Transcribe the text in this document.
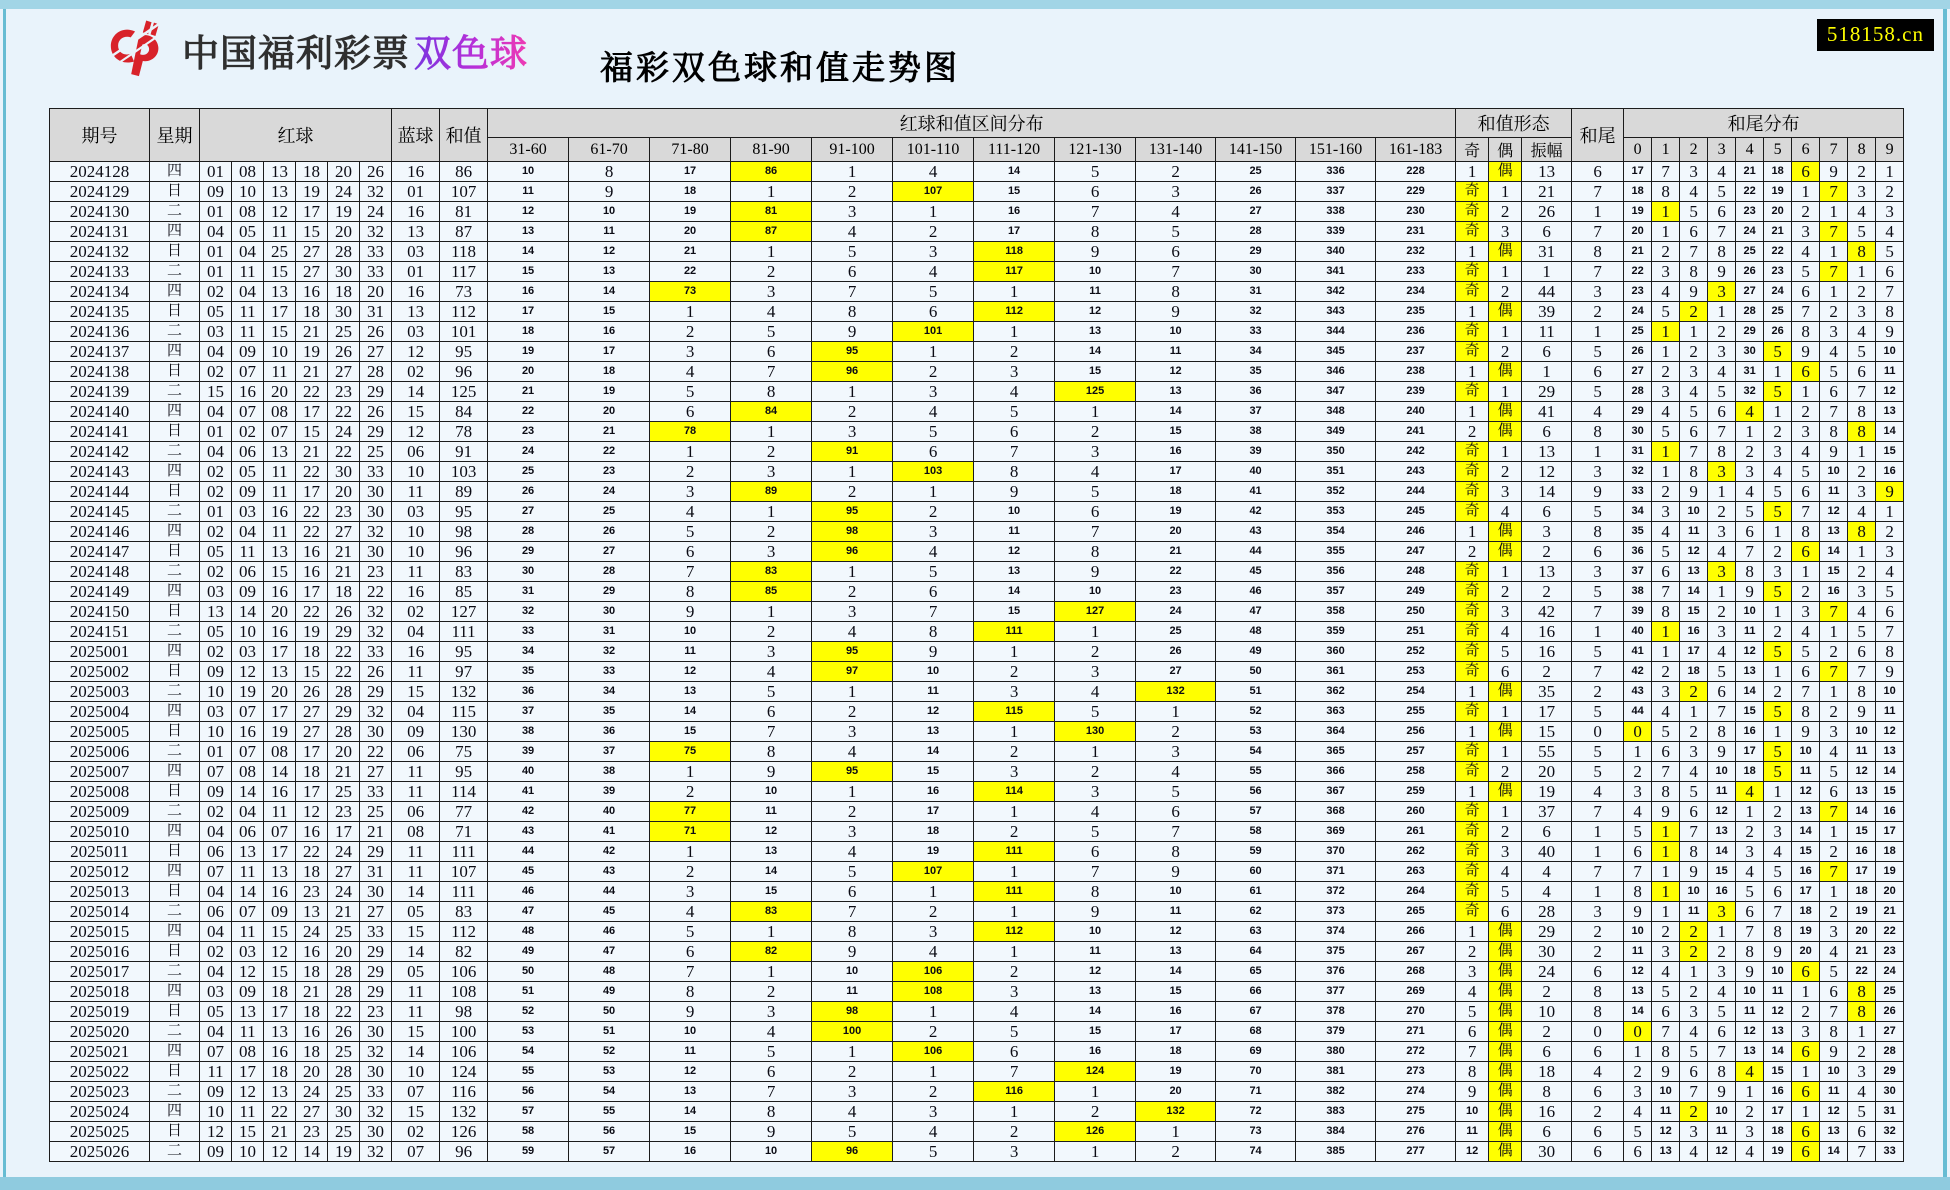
中国福利彩票 双色球	福彩双色球和值走势图
518158.cn
期号	星期	红球						蓝球	和值	红球和值区间分布												和值形态			和尾	和尾分布									
										31-60	61-70	71-80	81-90	91-100	101-110	111-120	121-130	131-140	141-150	151-160	161-183	奇	偶	振幅		0	1	2	3	4	5	6	7	8	9
2024128	四	01	08	13	18	20	26	16	86	10	8	17	86	1	4	14	5	2	25	336	228	1	偶	13	6	17	7	3	4	21	18	6	9	2	1
2024129	日	09	10	13	19	24	32	01	107	11	9	18	1	2	107	15	6	3	26	337	229	奇	1	21	7	18	8	4	5	22	19	1	7	3	2
2024130	二	01	08	12	17	19	24	16	81	12	10	19	81	3	1	16	7	4	27	338	230	奇	2	26	1	19	1	5	6	23	20	2	1	4	3
2024131	四	04	05	11	15	20	32	13	87	13	11	20	87	4	2	17	8	5	28	339	231	奇	3	6	7	20	1	6	7	24	21	3	7	5	4
2024132	日	01	04	25	27	28	33	03	118	14	12	21	1	5	3	118	9	6	29	340	232	1	偶	31	8	21	2	7	8	25	22	4	1	8	5
2024133	二	01	11	15	27	30	33	01	117	15	13	22	2	6	4	117	10	7	30	341	233	奇	1	1	7	22	3	8	9	26	23	5	7	1	6
2024134	四	02	04	13	16	18	20	16	73	16	14	73	3	7	5	1	11	8	31	342	234	奇	2	44	3	23	4	9	3	27	24	6	1	2	7
2024135	日	05	11	17	18	30	31	13	112	17	15	1	4	8	6	112	12	9	32	343	235	1	偶	39	2	24	5	2	1	28	25	7	2	3	8
2024136	二	03	11	15	21	25	26	03	101	18	16	2	5	9	101	1	13	10	33	344	236	奇	1	11	1	25	1	1	2	29	26	8	3	4	9
2024137	四	04	09	10	19	26	27	12	95	19	17	3	6	95	1	2	14	11	34	345	237	奇	2	6	5	26	1	2	3	30	5	9	4	5	10
2024138	日	02	07	11	21	27	28	02	96	20	18	4	7	96	2	3	15	12	35	346	238	1	偶	1	6	27	2	3	4	31	1	6	5	6	11
2024139	二	15	16	20	22	23	29	14	125	21	19	5	8	1	3	4	125	13	36	347	239	奇	1	29	5	28	3	4	5	32	5	1	6	7	12
2024140	四	04	07	08	17	22	26	15	84	22	20	6	84	2	4	5	1	14	37	348	240	1	偶	41	4	29	4	5	6	4	1	2	7	8	13
2024141	日	01	02	07	15	24	29	12	78	23	21	78	1	3	5	6	2	15	38	349	241	2	偶	6	8	30	5	6	7	1	2	3	8	8	14
2024142	二	04	06	13	21	22	25	06	91	24	22	1	2	91	6	7	3	16	39	350	242	奇	1	13	1	31	1	7	8	2	3	4	9	1	15
2024143	四	02	05	11	22	30	33	10	103	25	23	2	3	1	103	8	4	17	40	351	243	奇	2	12	3	32	1	8	3	3	4	5	10	2	16
2024144	日	02	09	11	17	20	30	11	89	26	24	3	89	2	1	9	5	18	41	352	244	奇	3	14	9	33	2	9	1	4	5	6	11	3	9
2024145	二	01	03	16	22	23	30	03	95	27	25	4	1	95	2	10	6	19	42	353	245	奇	4	6	5	34	3	10	2	5	5	7	12	4	1
2024146	四	02	04	11	22	27	32	10	98	28	26	5	2	98	3	11	7	20	43	354	246	1	偶	3	8	35	4	11	3	6	1	8	13	8	2
2024147	日	05	11	13	16	21	30	10	96	29	27	6	3	96	4	12	8	21	44	355	247	2	偶	2	6	36	5	12	4	7	2	6	14	1	3
2024148	二	02	06	15	16	21	23	11	83	30	28	7	83	1	5	13	9	22	45	356	248	奇	1	13	3	37	6	13	3	8	3	1	15	2	4
2024149	四	03	09	16	17	18	22	16	85	31	29	8	85	2	6	14	10	23	46	357	249	奇	2	2	5	38	7	14	1	9	5	2	16	3	5
2024150	日	13	14	20	22	26	32	02	127	32	30	9	1	3	7	15	127	24	47	358	250	奇	3	42	7	39	8	15	2	10	1	3	7	4	6
2024151	二	05	10	16	19	29	32	04	111	33	31	10	2	4	8	111	1	25	48	359	251	奇	4	16	1	40	1	16	3	11	2	4	1	5	7
2025001	四	02	03	17	18	22	33	16	95	34	32	11	3	95	9	1	2	26	49	360	252	奇	5	16	5	41	1	17	4	12	5	5	2	6	8
2025002	日	09	12	13	15	22	26	11	97	35	33	12	4	97	10	2	3	27	50	361	253	奇	6	2	7	42	2	18	5	13	1	6	7	7	9
2025003	二	10	19	20	26	28	29	15	132	36	34	13	5	1	11	3	4	132	51	362	254	1	偶	35	2	43	3	2	6	14	2	7	1	8	10
2025004	四	03	07	17	27	29	32	04	115	37	35	14	6	2	12	115	5	1	52	363	255	奇	1	17	5	44	4	1	7	15	5	8	2	9	11
2025005	日	10	16	19	27	28	30	09	130	38	36	15	7	3	13	1	130	2	53	364	256	1	偶	15	0	0	5	2	8	16	1	9	3	10	12
2025006	二	01	07	08	17	20	22	06	75	39	37	75	8	4	14	2	1	3	54	365	257	奇	1	55	5	1	6	3	9	17	5	10	4	11	13
2025007	四	07	08	14	18	21	27	11	95	40	38	1	9	95	15	3	2	4	55	366	258	奇	2	20	5	2	7	4	10	18	5	11	5	12	14
2025008	日	09	14	16	17	25	33	11	114	41	39	2	10	1	16	114	3	5	56	367	259	1	偶	19	4	3	8	5	11	4	1	12	6	13	15
2025009	二	02	04	11	12	23	25	06	77	42	40	77	11	2	17	1	4	6	57	368	260	奇	1	37	7	4	9	6	12	1	2	13	7	14	16
2025010	四	04	06	07	16	17	21	08	71	43	41	71	12	3	18	2	5	7	58	369	261	奇	2	6	1	5	1	7	13	2	3	14	1	15	17
2025011	日	06	13	17	22	24	29	11	111	44	42	1	13	4	19	111	6	8	59	370	262	奇	3	40	1	6	1	8	14	3	4	15	2	16	18
2025012	四	07	11	13	18	27	31	11	107	45	43	2	14	5	107	1	7	9	60	371	263	奇	4	4	7	7	1	9	15	4	5	16	7	17	19
2025013	日	04	14	16	23	24	30	14	111	46	44	3	15	6	1	111	8	10	61	372	264	奇	5	4	1	8	1	10	16	5	6	17	1	18	20
2025014	二	06	07	09	13	21	27	05	83	47	45	4	83	7	2	1	9	11	62	373	265	奇	6	28	3	9	1	11	3	6	7	18	2	19	21
2025015	四	04	11	15	24	25	33	15	112	48	46	5	1	8	3	112	10	12	63	374	266	1	偶	29	2	10	2	2	1	7	8	19	3	20	22
2025016	日	02	03	12	16	20	29	14	82	49	47	6	82	9	4	1	11	13	64	375	267	2	偶	30	2	11	3	2	2	8	9	20	4	21	23
2025017	二	04	12	15	18	28	29	05	106	50	48	7	1	10	106	2	12	14	65	376	268	3	偶	24	6	12	4	1	3	9	10	6	5	22	24
2025018	四	03	09	18	21	28	29	11	108	51	49	8	2	11	108	3	13	15	66	377	269	4	偶	2	8	13	5	2	4	10	11	1	6	8	25
2025019	日	05	13	17	18	22	23	11	98	52	50	9	3	98	1	4	14	16	67	378	270	5	偶	10	8	14	6	3	5	11	12	2	7	8	26
2025020	二	04	11	13	16	26	30	15	100	53	51	10	4	100	2	5	15	17	68	379	271	6	偶	2	0	0	7	4	6	12	13	3	8	1	27
2025021	四	07	08	16	18	25	32	14	106	54	52	11	5	1	106	6	16	18	69	380	272	7	偶	6	6	1	8	5	7	13	14	6	9	2	28
2025022	日	11	17	18	20	28	30	10	124	55	53	12	6	2	1	7	124	19	70	381	273	8	偶	18	4	2	9	6	8	4	15	1	10	3	29
2025023	二	09	12	13	24	25	33	07	116	56	54	13	7	3	2	116	1	20	71	382	274	9	偶	8	6	3	10	7	9	1	16	6	11	4	30
2025024	四	10	11	22	27	30	32	15	132	57	55	14	8	4	3	1	2	132	72	383	275	10	偶	16	2	4	11	2	10	2	17	1	12	5	31
2025025	日	12	15	21	23	25	30	02	126	58	56	15	9	5	4	2	126	1	73	384	276	11	偶	6	6	5	12	3	11	3	18	6	13	6	32
2025026	二	09	10	12	14	19	32	07	96	59	57	16	10	96	5	3	1	2	74	385	277	12	偶	30	6	6	13	4	12	4	19	6	14	7	33
